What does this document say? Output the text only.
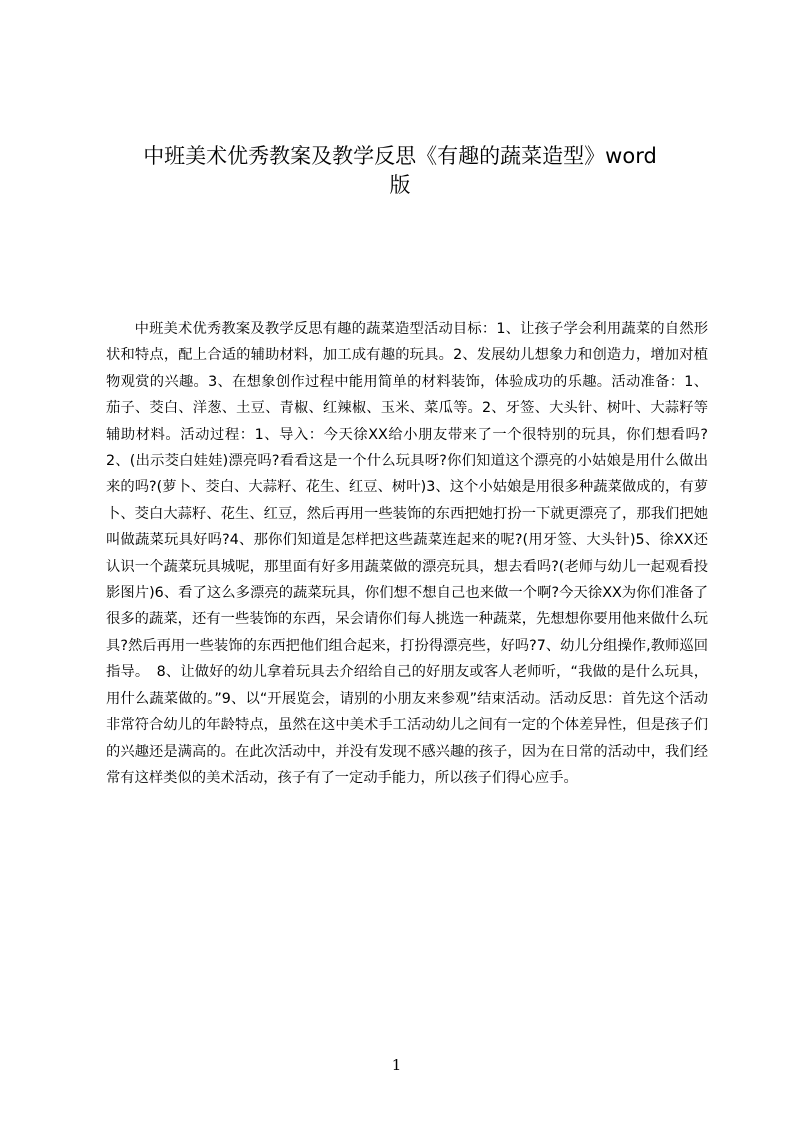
中班美术优秀教案及教学反思《有趣的蔬菜造型》word
版

中班美术优秀教案及教学反思有趣的蔬菜造型活动目标：1、让孩子学会利用蔬菜的自然形状和特点，配上合适的辅助材料，加工成有趣的玩具。2、发展幼儿想象力和创造力，增加对植物观赏的兴趣。3、在想象创作过程中能用简单的材料装饰，体验成功的乐趣。活动准备：1、茄子、茭白、洋葱、土豆、青椒、红辣椒、玉米、菜瓜等。2、牙签、大头针、树叶、大蒜籽等辅助材料。活动过程：1、导入：今天徐XX给小朋友带来了一个很特别的玩具，你们想看吗?2、(出示茭白娃娃)漂亮吗?看看这是一个什么玩具呀?你们知道这个漂亮的小姑娘是用什么做出来的吗?(萝卜、茭白、大蒜籽、花生、红豆、树叶)3、这个小姑娘是用很多种蔬菜做成的，有萝卜、茭白大蒜籽、花生、红豆，然后再用一些装饰的东西把她打扮一下就更漂亮了，那我们把她叫做蔬菜玩具好吗?4、那你们知道是怎样把这些蔬菜连起来的呢?(用牙签、大头针)5、徐XX还认识一个蔬菜玩具城呢，那里面有好多用蔬菜做的漂亮玩具，想去看吗?(老师与幼儿一起观看投影图片)6、看了这么多漂亮的蔬菜玩具，你们想不想自己也来做一个啊?今天徐XX为你们准备了很多的蔬菜，还有一些装饰的东西，呆会请你们每人挑选一种蔬菜，先想想你要用他来做什么玩具?然后再用一些装饰的东西把他们组合起来，打扮得漂亮些，好吗?7、幼儿分组操作,教师巡回指导。　8、让做好的幼儿拿着玩具去介绍给自己的好朋友或客人老师听，“我做的是什么玩具，用什么蔬菜做的。”9、以“开展览会，请别的小朋友来参观”结束活动。活动反思：首先这个活动非常符合幼儿的年龄特点，虽然在这中美术手工活动幼儿之间有一定的个体差异性，但是孩子们的兴趣还是满高的。在此次活动中，并没有发现不感兴趣的孩子，因为在日常的活动中，我们经常有这样类似的美术活动，孩子有了一定动手能力，所以孩子们得心应手。

1
